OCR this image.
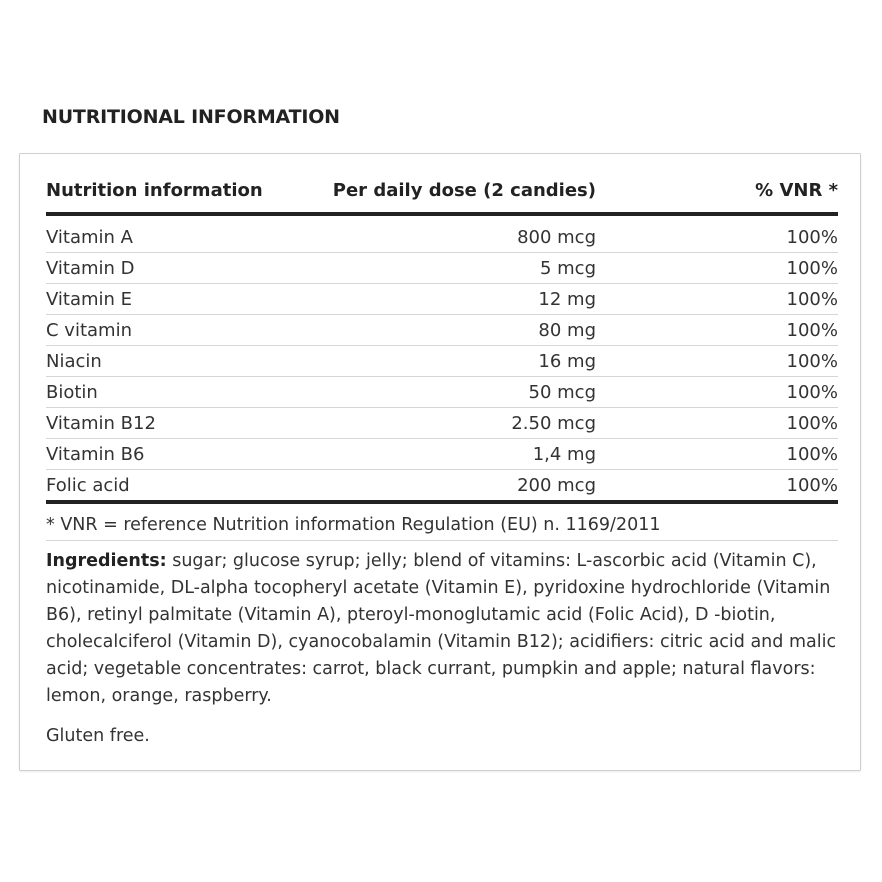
NUTRITIONAL INFORMATION
Nutrition information	Per daily dose (2 candies)	% VNR *
Vitamin A	800 mcg	100%
Vitamin D	5 mcg	100%
Vitamin E	12 mg	100%
C vitamin	80 mg	100%
Niacin	16 mg	100%
Biotin	50 mcg	100%
Vitamin B12	2.50 mcg	100%
Vitamin B6	1,4 mg	100%
Folic acid	200 mcg	100%
* VNR = reference Nutrition information Regulation (EU) n. 1169/2011
Ingredients: sugar; glucose syrup; jelly; blend of vitamins: L-ascorbic acid (Vitamin C), nicotinamide, DL-alpha tocopheryl acetate (Vitamin E), pyridoxine hydrochloride (Vitamin B6), retinyl palmitate (Vitamin A), pteroyl-monoglutamic acid (Folic Acid), D -biotin, cholecalciferol (Vitamin D), cyanocobalamin (Vitamin B12); acidifiers: citric acid and malic acid; vegetable concentrates: carrot, black currant, pumpkin and apple; natural flavors: lemon, orange, raspberry.
Gluten free.
